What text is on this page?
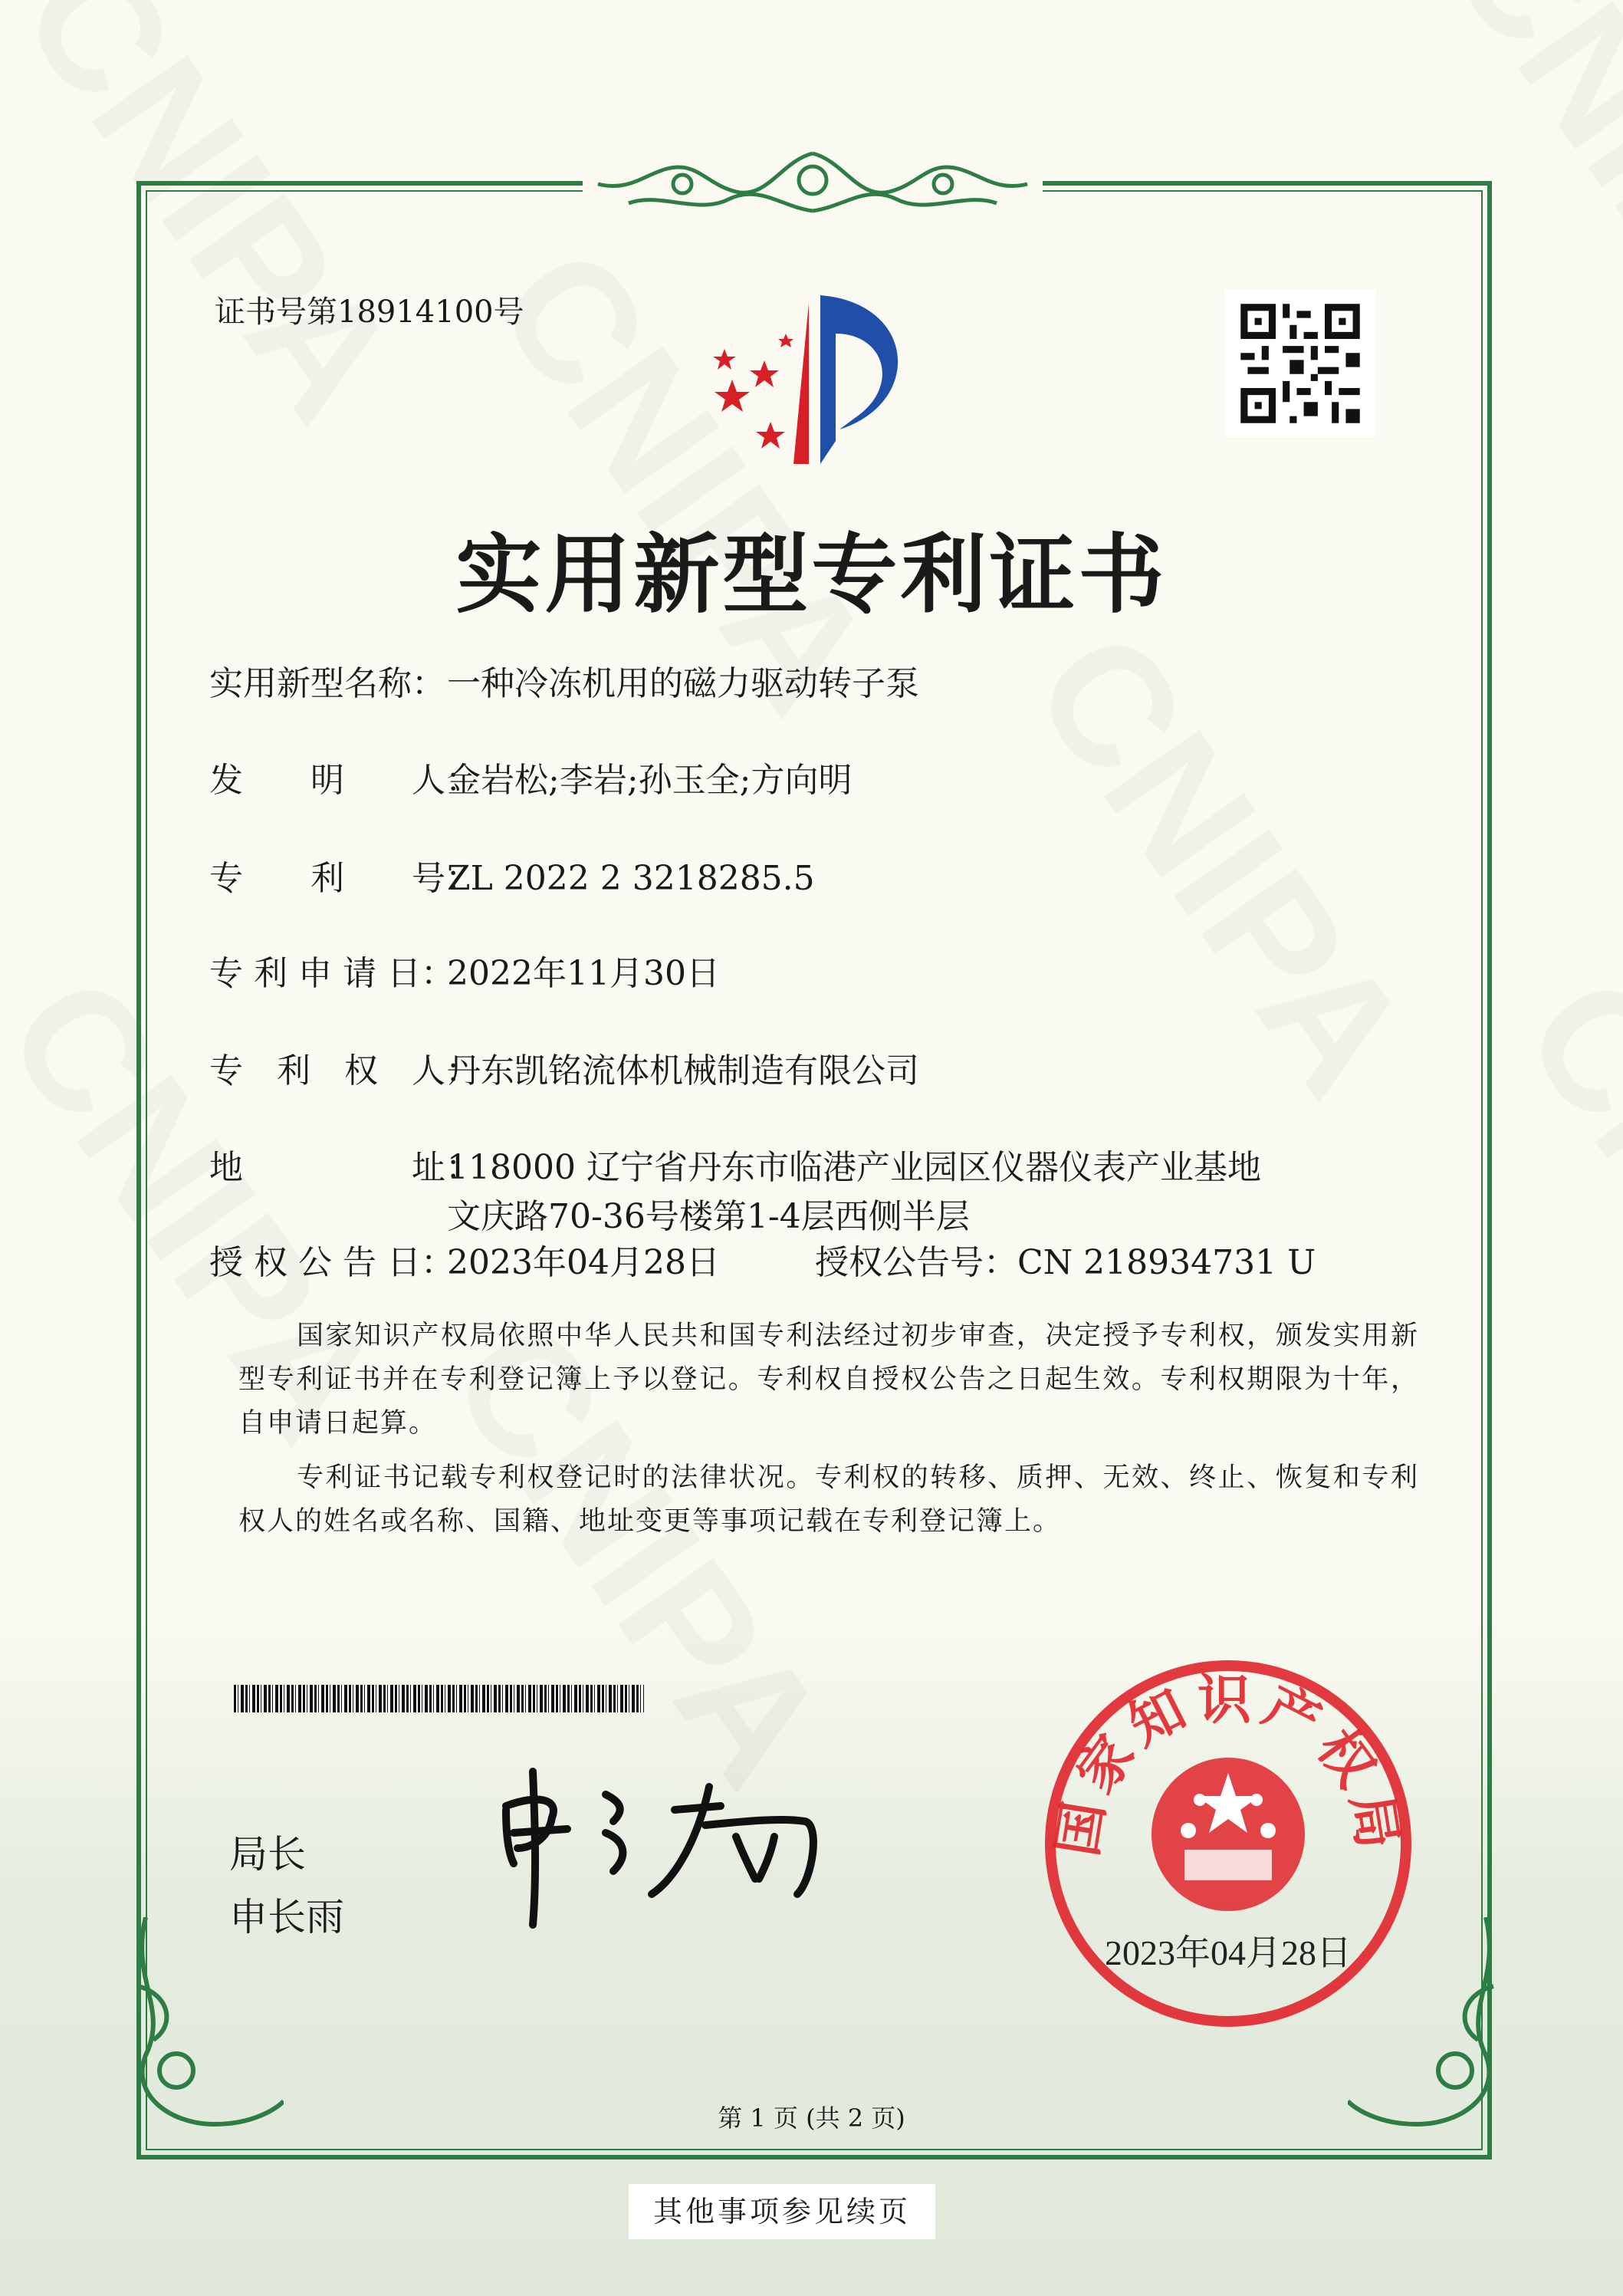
证书号第18914100号
实用新型专利证书
实用新型名称：一种冷冻机用的磁力驱动转子泵
发　　明　　人：金岩松;李岩;孙玉全;方向明
专　　利　　号：ZL 2022 2 3218285.5
专 利 申 请 日：2022年11月30日
专　利　权　人：丹东凯铭流体机械制造有限公司
地　　　　　址：118000 辽宁省丹东市临港产业园区仪器仪表产业基地
文庆路70-36号楼第1-4层西侧半层
授 权 公 告 日：2023年04月28日	授权公告号：CN 218934731 U

国家知识产权局依照中华人民共和国专利法经过初步审查，决定授予专利权，颁发实用新型专利证书并在专利登记簿上予以登记。专利权自授权公告之日起生效。专利权期限为十年，自申请日起算。

专利证书记载专利权登记时的法律状况。专利权的转移、质押、无效、终止、恢复和专利权人的姓名或名称、国籍、地址变更等事项记载在专利登记簿上。

局长
申长雨
国家知识产权局
2023年04月28日
第 1 页 (共 2 页)
其他事项参见续页
